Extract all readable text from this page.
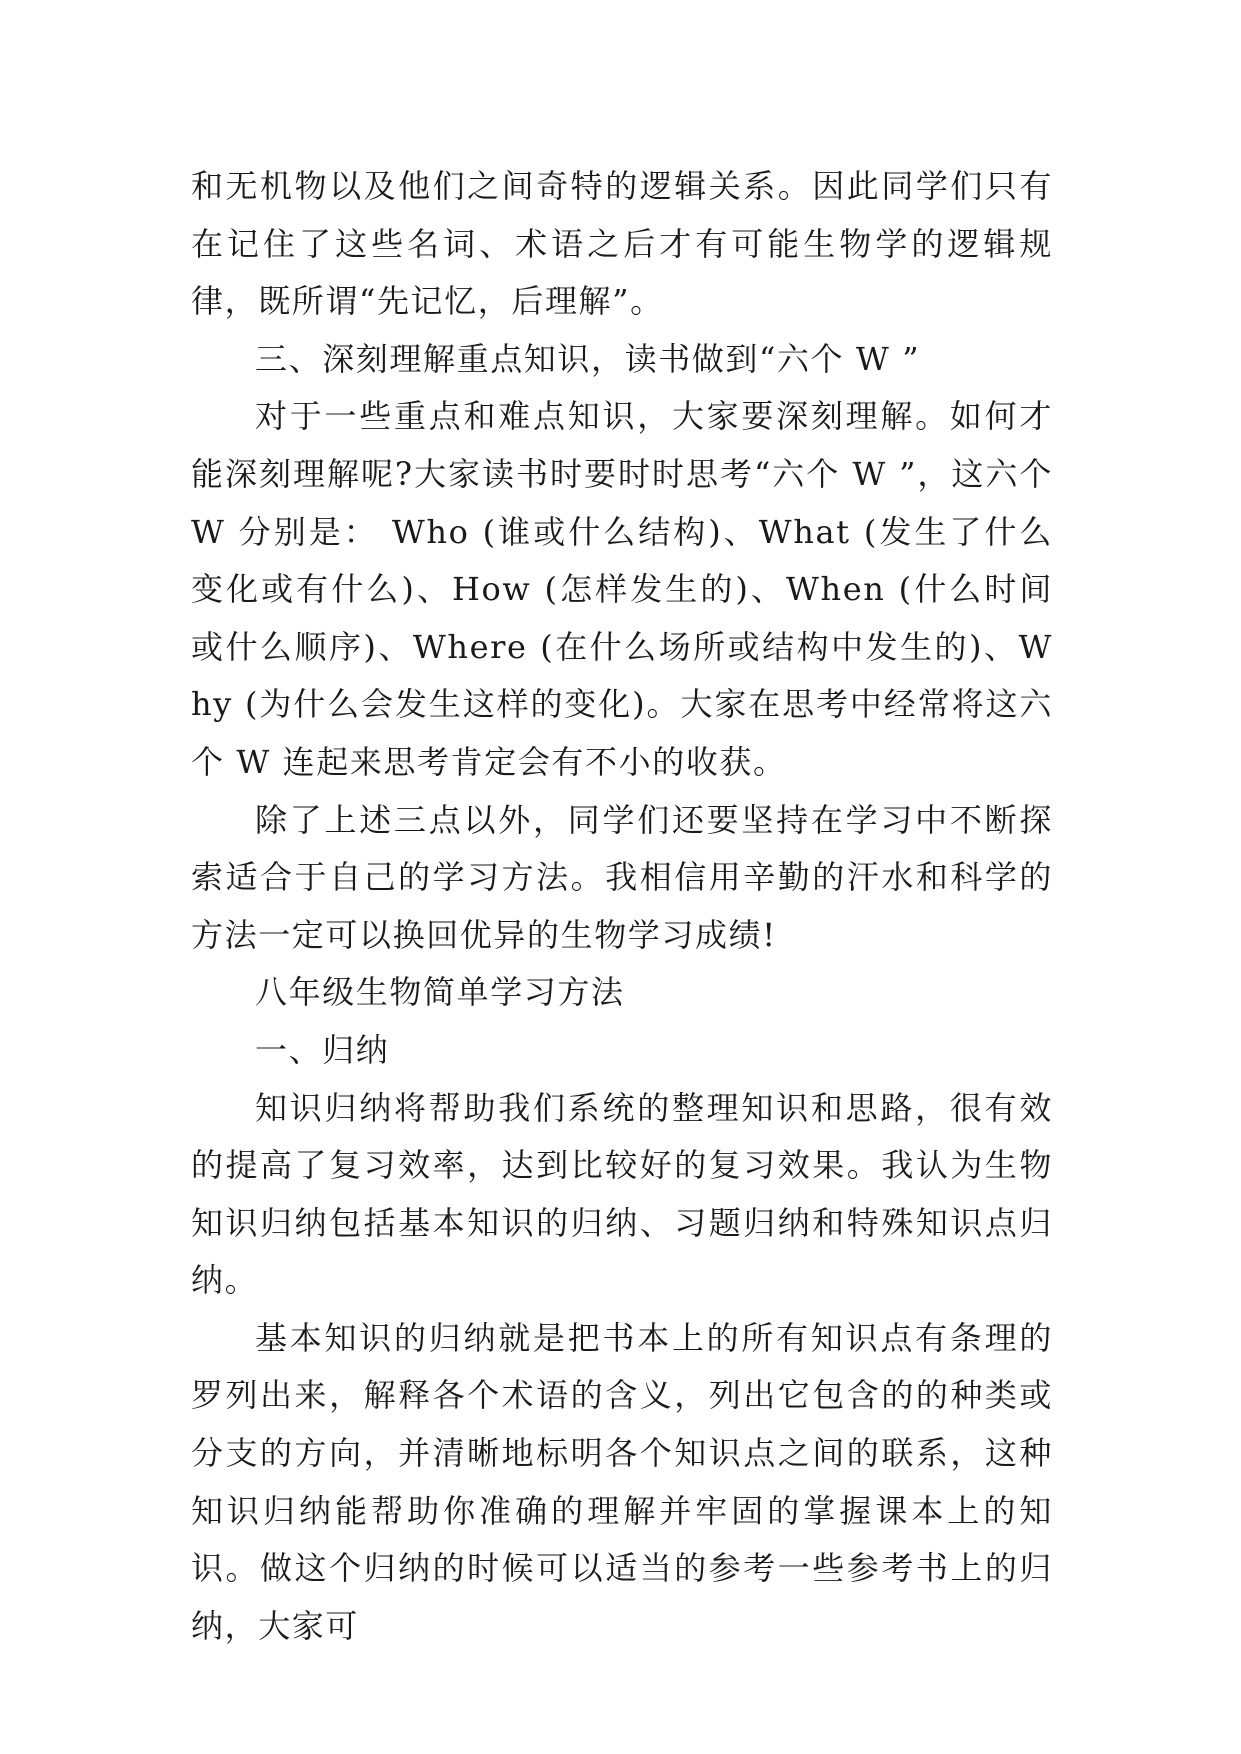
和无机物以及他们之间奇特的逻辑关系。因此同学们只有在记住了这些名词、术语之后才有可能生物学的逻辑规律，既所谓“先记忆，后理解”。

三、深刻理解重点知识，读书做到“六个 W ”

对于一些重点和难点知识，大家要深刻理解。如何才能深刻理解呢?大家读书时要时时思考“六个 W ”，这六个 W 分别是： Who (谁或什么结构)、What (发生了什么变化或有什么)、How (怎样发生的)、When (什么时间或什么顺序)、Where (在什么场所或结构中发生的)、Why (为什么会发生这样的变化)。大家在思考中经常将这六个 W 连起来思考肯定会有不小的收获。

除了上述三点以外，同学们还要坚持在学习中不断探索适合于自己的学习方法。我相信用辛勤的汗水和科学的方法一定可以换回优异的生物学习成绩!

八年级生物简单学习方法

一、归纳

知识归纳将帮助我们系统的整理知识和思路，很有效的提高了复习效率，达到比较好的复习效果。我认为生物知识归纳包括基本知识的归纳、习题归纳和特殊知识点归纳。

基本知识的归纳就是把书本上的所有知识点有条理的罗列出来，解释各个术语的含义，列出它包含的的种类或分支的方向，并清晰地标明各个知识点之间的联系，这种知识归纳能帮助你准确的理解并牢固的掌握课本上的知识。做这个归纳的时候可以适当的参考一些参考书上的归纳，大家可
